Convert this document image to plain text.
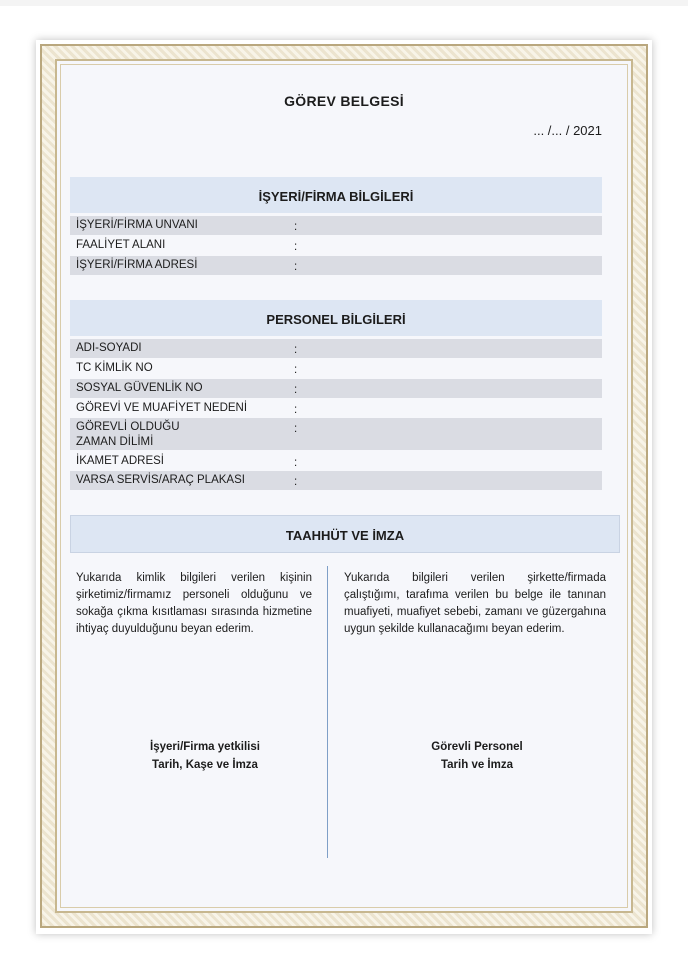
GÖREV BELGESİ
... /... / 2021
İŞYERİ/FİRMA BİLGİLERİ
İŞYERİ/FİRMA UNVANI	:
FAALİYET ALANI	:
İŞYERİ/FİRMA ADRESİ	:
PERSONEL BİLGİLERİ
ADI-SOYADI	:
TC KİMLİK NO	:
SOSYAL GÜVENLİK NO	:
GÖREVİ VE MUAFİYET NEDENİ	:
GÖREVLİ OLDUĞU
ZAMAN DİLİMİ
:
İKAMET ADRESİ	:
VARSA SERVİS/ARAÇ PLAKASI	:
TAAHHÜT VE İMZA
Yukarıda kimlik bilgileri verilen kişinin şirketimiz/firmamız personeli olduğunu ve sokağa çıkma kısıtlaması sırasında hizmetine ihtiyaç duyulduğunu beyan ederim.
Yukarıda bilgileri verilen şirkette/firmada çalıştığımı, tarafıma verilen bu belge ile tanınan muafiyeti, muafiyet sebebi, zamanı ve güzergahına uygun şekilde kullanacağımı beyan ederim.
İşyeri/Firma yetkilisi
Tarih, Kaşe ve İmza
Görevli Personel
Tarih ve İmza
